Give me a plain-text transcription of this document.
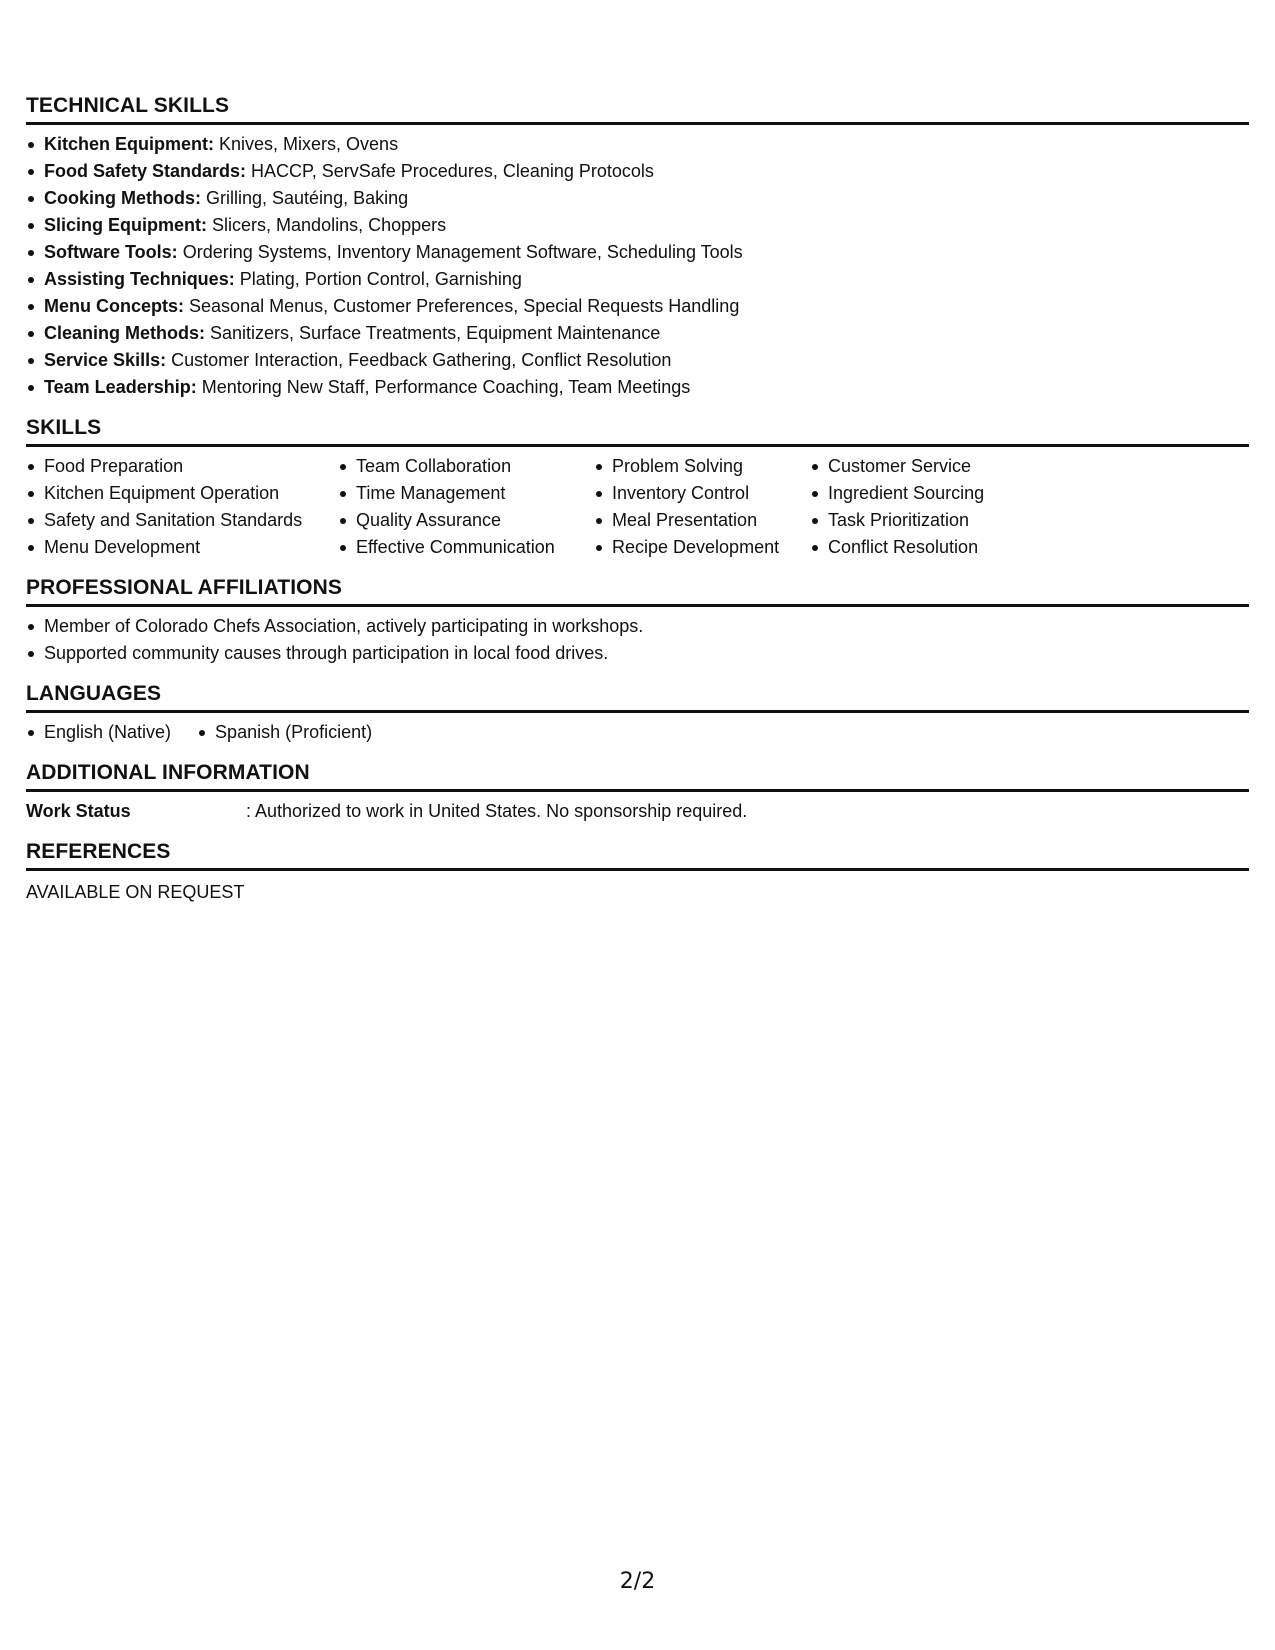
TECHNICAL SKILLS
Kitchen Equipment: Knives, Mixers, Ovens
Food Safety Standards: HACCP, ServSafe Procedures, Cleaning Protocols
Cooking Methods: Grilling, Sautéing, Baking
Slicing Equipment: Slicers, Mandolins, Choppers
Software Tools: Ordering Systems, Inventory Management Software, Scheduling Tools
Assisting Techniques: Plating, Portion Control, Garnishing
Menu Concepts: Seasonal Menus, Customer Preferences, Special Requests Handling
Cleaning Methods: Sanitizers, Surface Treatments, Equipment Maintenance
Service Skills: Customer Interaction, Feedback Gathering, Conflict Resolution
Team Leadership: Mentoring New Staff, Performance Coaching, Team Meetings
SKILLS
Food Preparation
Kitchen Equipment Operation
Safety and Sanitation Standards
Menu Development
Team Collaboration
Time Management
Quality Assurance
Effective Communication
Problem Solving
Inventory Control
Meal Presentation
Recipe Development
Customer Service
Ingredient Sourcing
Task Prioritization
Conflict Resolution
PROFESSIONAL AFFILIATIONS
Member of Colorado Chefs Association, actively participating in workshops.
Supported community causes through participation in local food drives.
LANGUAGES
English (Native)	Spanish (Proficient)
ADDITIONAL INFORMATION
Work Status	: Authorized to work in United States. No sponsorship required.
REFERENCES
AVAILABLE ON REQUEST
2/2
